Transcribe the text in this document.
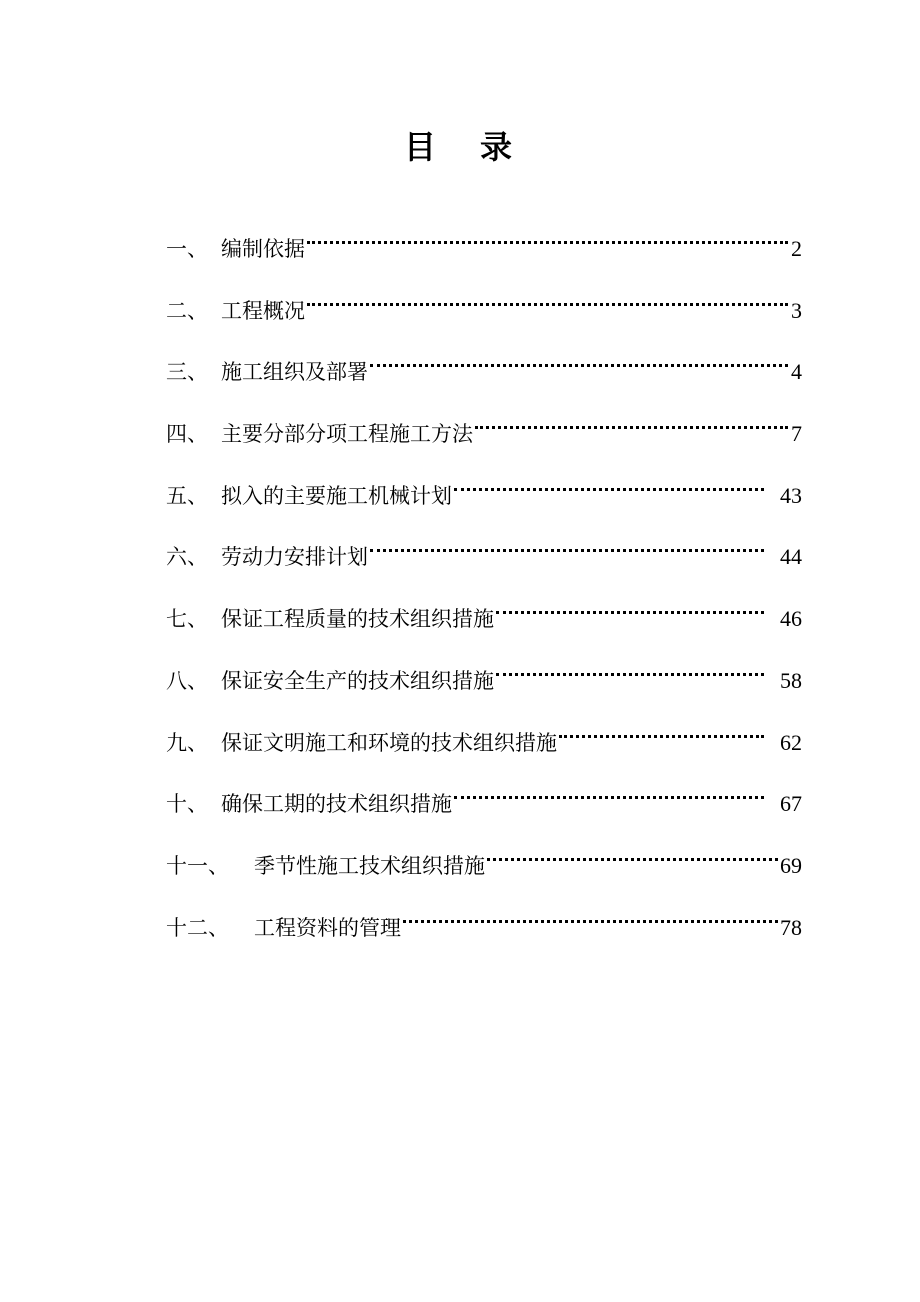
目 录
一、 编制依据	2
二、 工程概况	3
三、 施工组织及部署	4
四、 主要分部分项工程施工方法	7
五、 拟入的主要施工机械计划	43
六、 劳动力安排计划	44
七、 保证工程质量的技术组织措施	46
八、 保证安全生产的技术组织措施	58
九、 保证文明施工和环境的技术组织措施	62
十、 确保工期的技术组织措施	67
十一、	季节性施工技术组织措施	69
十二、	工程资料的管理	78
